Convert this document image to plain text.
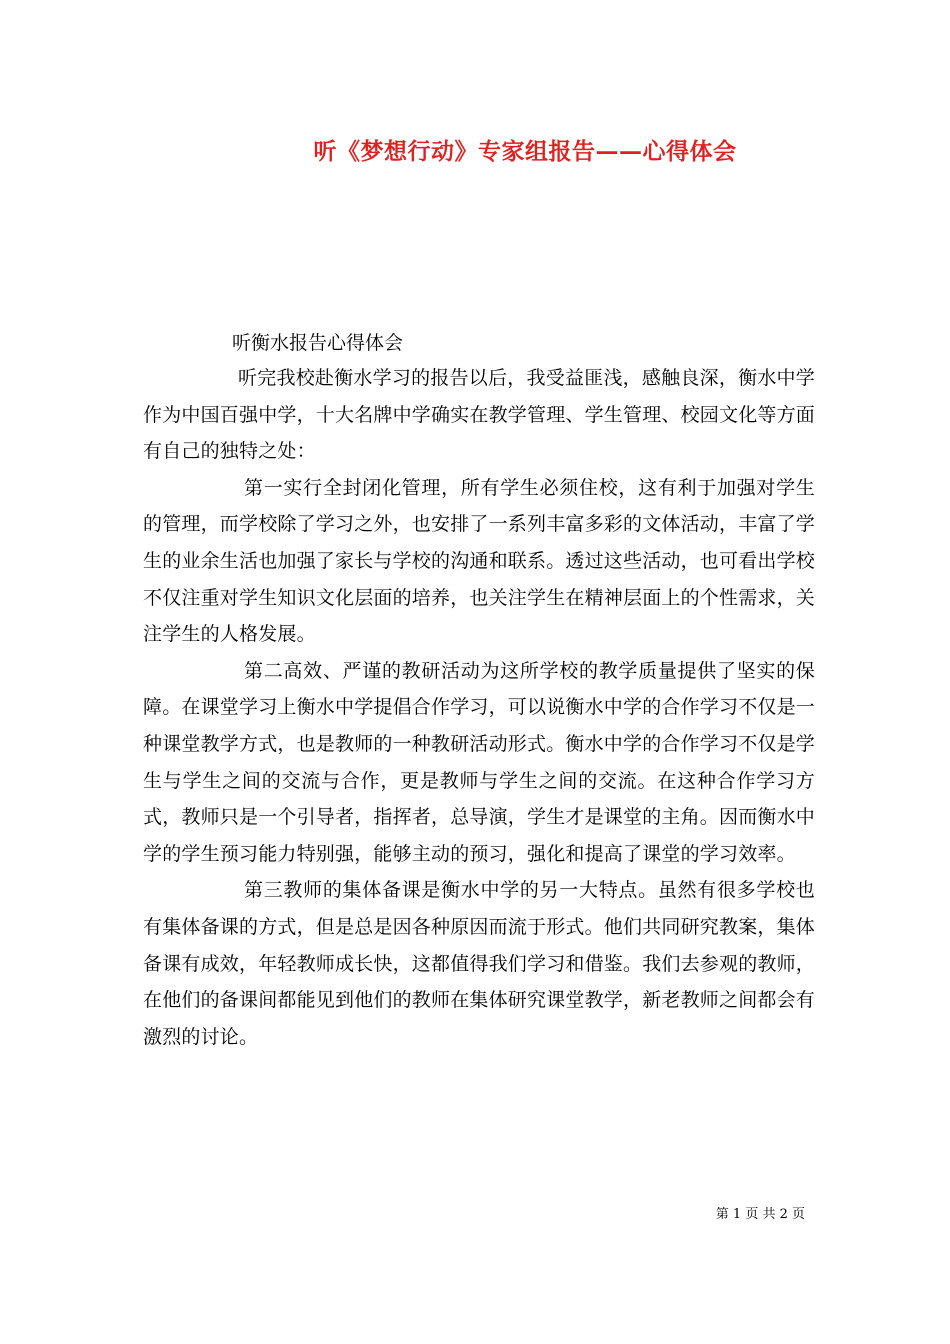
听《梦想行动》专家组报告——心得体会
听衡水报告心得体会

听完我校赴衡水学习的报告以后，我受益匪浅，感触良深，衡水中学作为中国百强中学，十大名牌中学确实在教学管理、学生管理、校园文化等方面有自己的独特之处：

第一实行全封闭化管理，所有学生必须住校，这有利于加强对学生的管理，而学校除了学习之外，也安排了一系列丰富多彩的文体活动，丰富了学生的业余生活也加强了家长与学校的沟通和联系。透过这些活动，也可看出学校不仅注重对学生知识文化层面的培养，也关注学生在精神层面上的个性需求，关注学生的人格发展。

第二高效、严谨的教研活动为这所学校的教学质量提供了坚实的保障。在课堂学习上衡水中学提倡合作学习，可以说衡水中学的合作学习不仅是一种课堂教学方式，也是教师的一种教研活动形式。衡水中学的合作学习不仅是学生与学生之间的交流与合作，更是教师与学生之间的交流。在这种合作学习方式，教师只是一个引导者，指挥者，总导演，学生才是课堂的主角。因而衡水中学的学生预习能力特别强，能够主动的预习，强化和提高了课堂的学习效率。

第三教师的集体备课是衡水中学的另一大特点。虽然有很多学校也有集体备课的方式，但是总是因各种原因而流于形式。他们共同研究教案，集体备课有成效，年轻教师成长快，这都值得我们学习和借鉴。我们去参观的教师，在他们的备课间都能见到他们的教师在集体研究课堂教学，新老教师之间都会有激烈的讨论。

第 1 页 共 2 页
